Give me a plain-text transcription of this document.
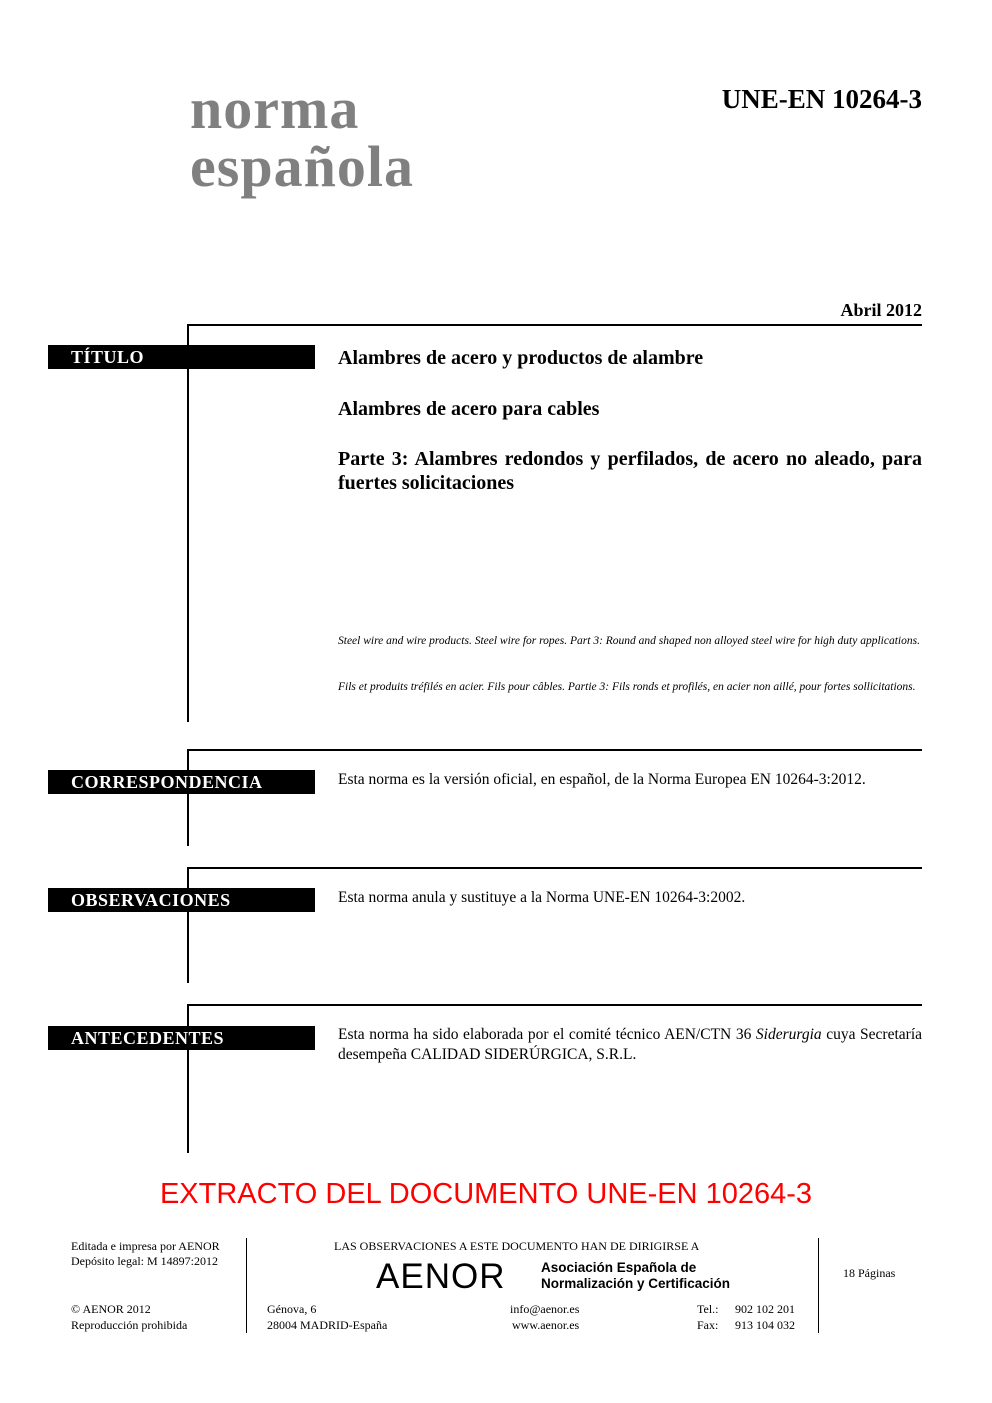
norma
española
UNE-EN 10264-3
Abril 2012
TÍTULO	Alambres de acero y productos de alambre
Alambres de acero para cables
Parte 3: Alambres redondos y perfilados, de acero no aleado, para fuertes solicitaciones
Steel wire and wire products. Steel wire for ropes. Part 3: Round and shaped non alloyed steel wire for high duty applications.
Fils et produits tréfilés en acier. Fils pour câbles. Partie 3: Fils ronds et profilés, en acier non aillé, pour fortes sollicitations.
CORRESPONDENCIA	Esta norma es la versión oficial, en español, de la Norma Europea EN 10264-3:2012.
OBSERVACIONES	Esta norma anula y sustituye a la Norma UNE-EN 10264-3:2002.
ANTECEDENTES	Esta norma ha sido elaborada por el comité técnico AEN/CTN 36 Siderurgia cuya Secretaría desempeña CALIDAD SIDERÚRGICA, S.R.L.
EXTRACTO DEL DOCUMENTO UNE-EN 10264-3
Editada e impresa por AENOR
Depósito legal: M 14897:2012
© AENOR 2012
Reproducción prohibida
LAS OBSERVACIONES A ESTE DOCUMENTO HAN DE DIRIGIRSE A
AENOR	Asociación Española de
Normalización y Certificación
Génova, 6
28004 MADRID-España
info@aenor.es
www.aenor.es
Tel.: 902 102 201
Fax: 913 104 032
18 Páginas
